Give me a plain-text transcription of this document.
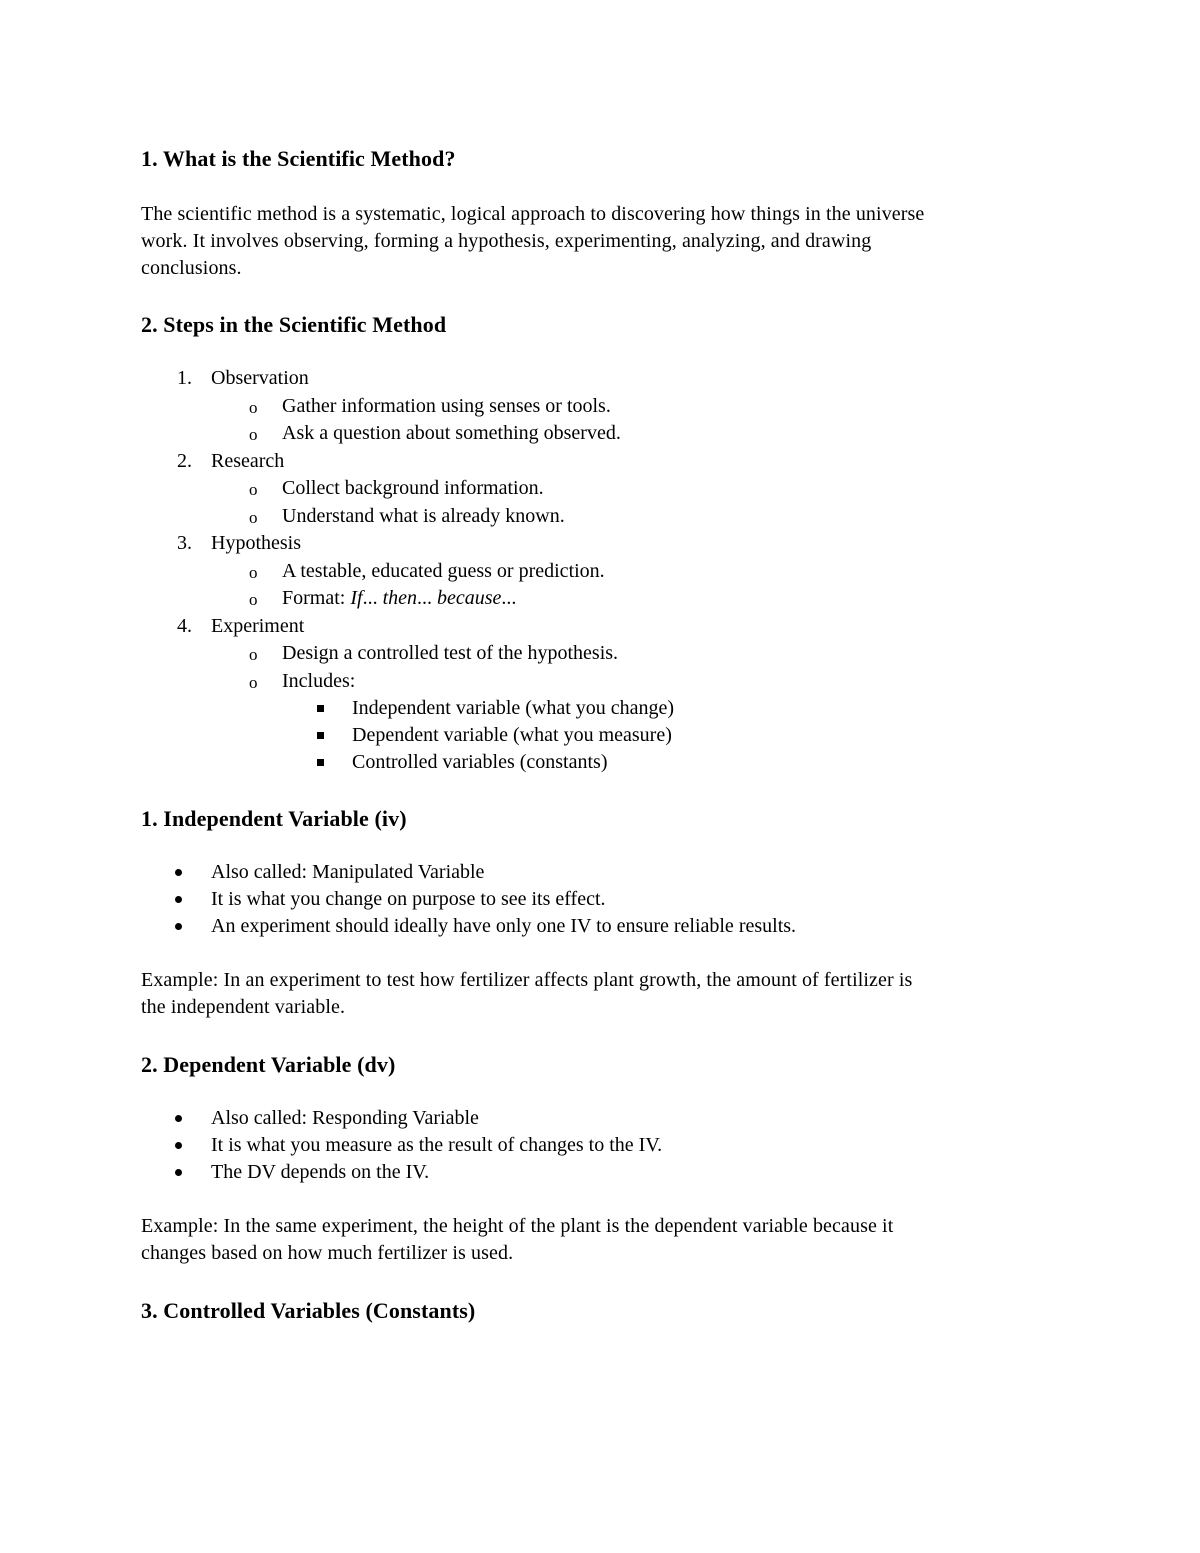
1. What is the Scientific Method?
The scientific method is a systematic, logical approach to discovering how things in the universe
work. It involves observing, forming a hypothesis, experimenting, analyzing, and drawing
conclusions.
2. Steps in the Scientific Method
1. Observation
o Gather information using senses or tools.
o Ask a question about something observed.
2. Research
o Collect background information.
o Understand what is already known.
3. Hypothesis
o A testable, educated guess or prediction.
o Format: If... then... because...
4. Experiment
o Design a controlled test of the hypothesis.
o Includes:
Independent variable (what you change)
Dependent variable (what you measure)
Controlled variables (constants)
1. Independent Variable (iv)
Also called: Manipulated Variable
It is what you change on purpose to see its effect.
An experiment should ideally have only one IV to ensure reliable results.
Example: In an experiment to test how fertilizer affects plant growth, the amount of fertilizer is
the independent variable.
2. Dependent Variable (dv)
Also called: Responding Variable
It is what you measure as the result of changes to the IV.
The DV depends on the IV.
Example: In the same experiment, the height of the plant is the dependent variable because it
changes based on how much fertilizer is used.
3. Controlled Variables (Constants)
